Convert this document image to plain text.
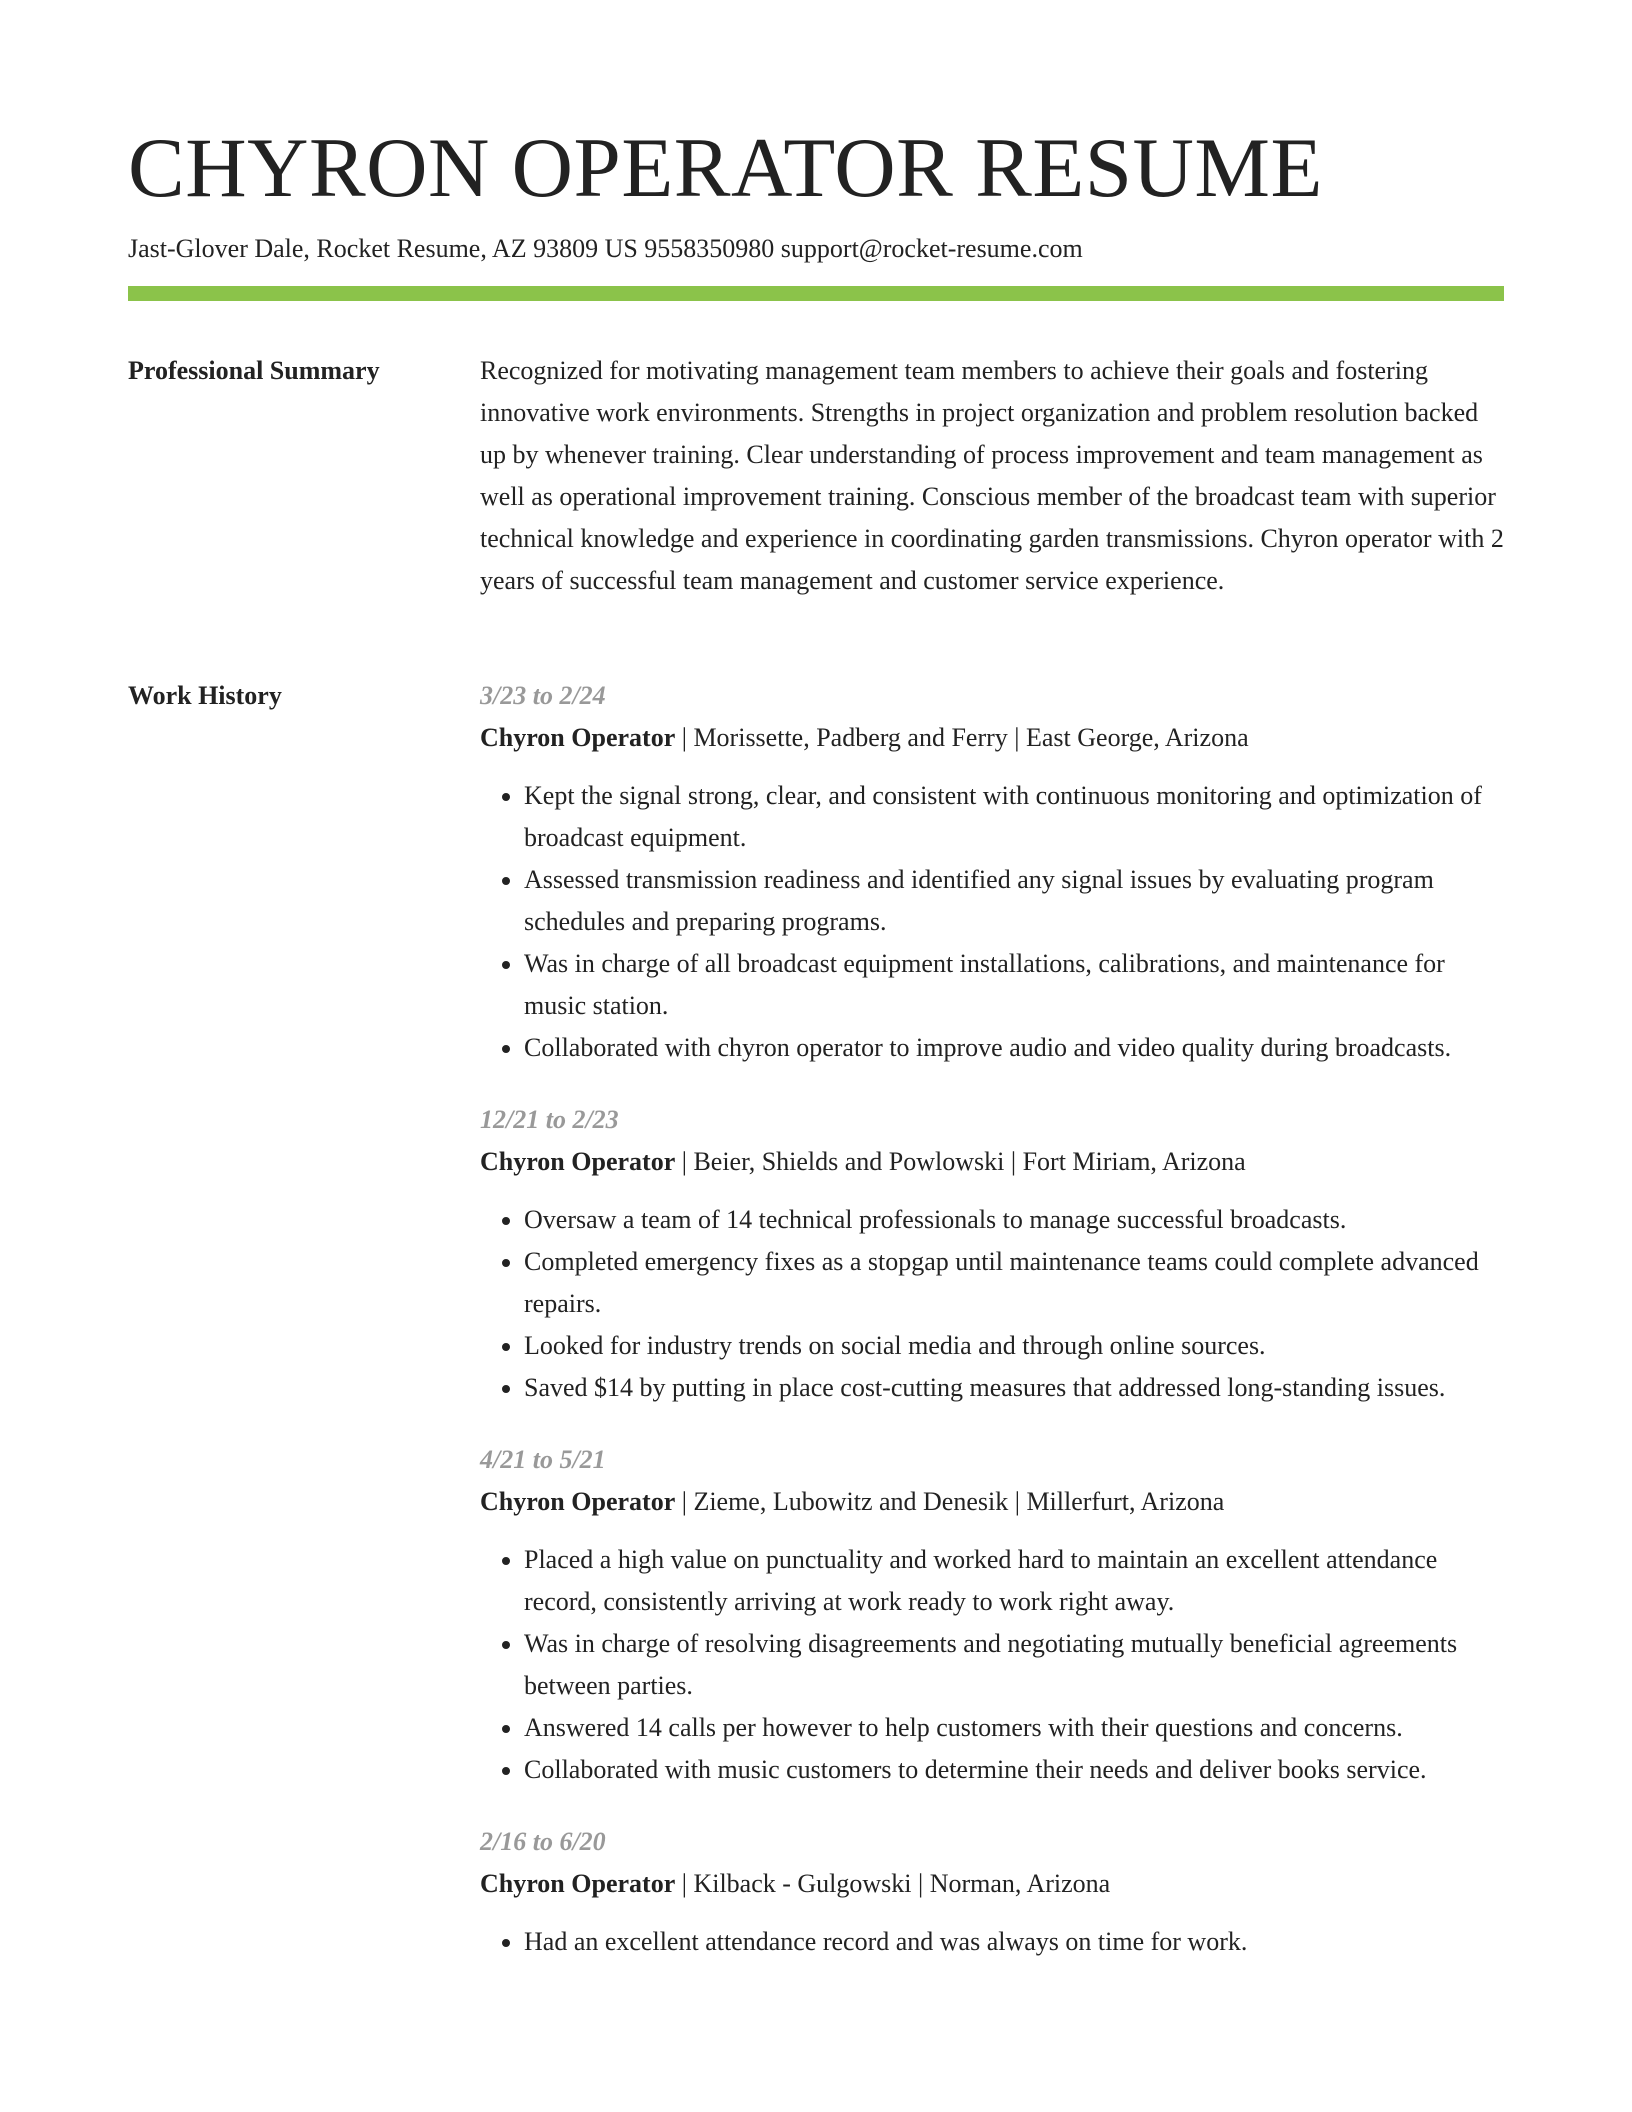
CHYRON OPERATOR RESUME
Jast-Glover Dale, Rocket Resume, AZ 93809 US 9558350980 support@rocket-resume.com
Professional Summary	Recognized for motivating management team members to achieve their goals and fostering innovative work environments. Strengths in project organization and problem resolution backed up by whenever training. Clear understanding of process improvement and team management as well as operational improvement training. Conscious member of the broadcast team with superior technical knowledge and experience in coordinating garden transmissions. Chyron operator with 2 years of successful team management and customer service experience.

Work History	3/23 to 2/24
Chyron Operator | Morissette, Padberg and Ferry | East George, Arizona
• Kept the signal strong, clear, and consistent with continuous monitoring and optimization of broadcast equipment.
• Assessed transmission readiness and identified any signal issues by evaluating program schedules and preparing programs.
• Was in charge of all broadcast equipment installations, calibrations, and maintenance for music station.
• Collaborated with chyron operator to improve audio and video quality during broadcasts.
12/21 to 2/23
Chyron Operator | Beier, Shields and Powlowski | Fort Miriam, Arizona
• Oversaw a team of 14 technical professionals to manage successful broadcasts.
• Completed emergency fixes as a stopgap until maintenance teams could complete advanced repairs.
• Looked for industry trends on social media and through online sources.
• Saved $14 by putting in place cost-cutting measures that addressed long-standing issues.
4/21 to 5/21
Chyron Operator | Zieme, Lubowitz and Denesik | Millerfurt, Arizona
• Placed a high value on punctuality and worked hard to maintain an excellent attendance record, consistently arriving at work ready to work right away.
• Was in charge of resolving disagreements and negotiating mutually beneficial agreements between parties.
• Answered 14 calls per however to help customers with their questions and concerns.
• Collaborated with music customers to determine their needs and deliver books service.
2/16 to 6/20
Chyron Operator | Kilback - Gulgowski | Norman, Arizona
• Had an excellent attendance record and was always on time for work.
